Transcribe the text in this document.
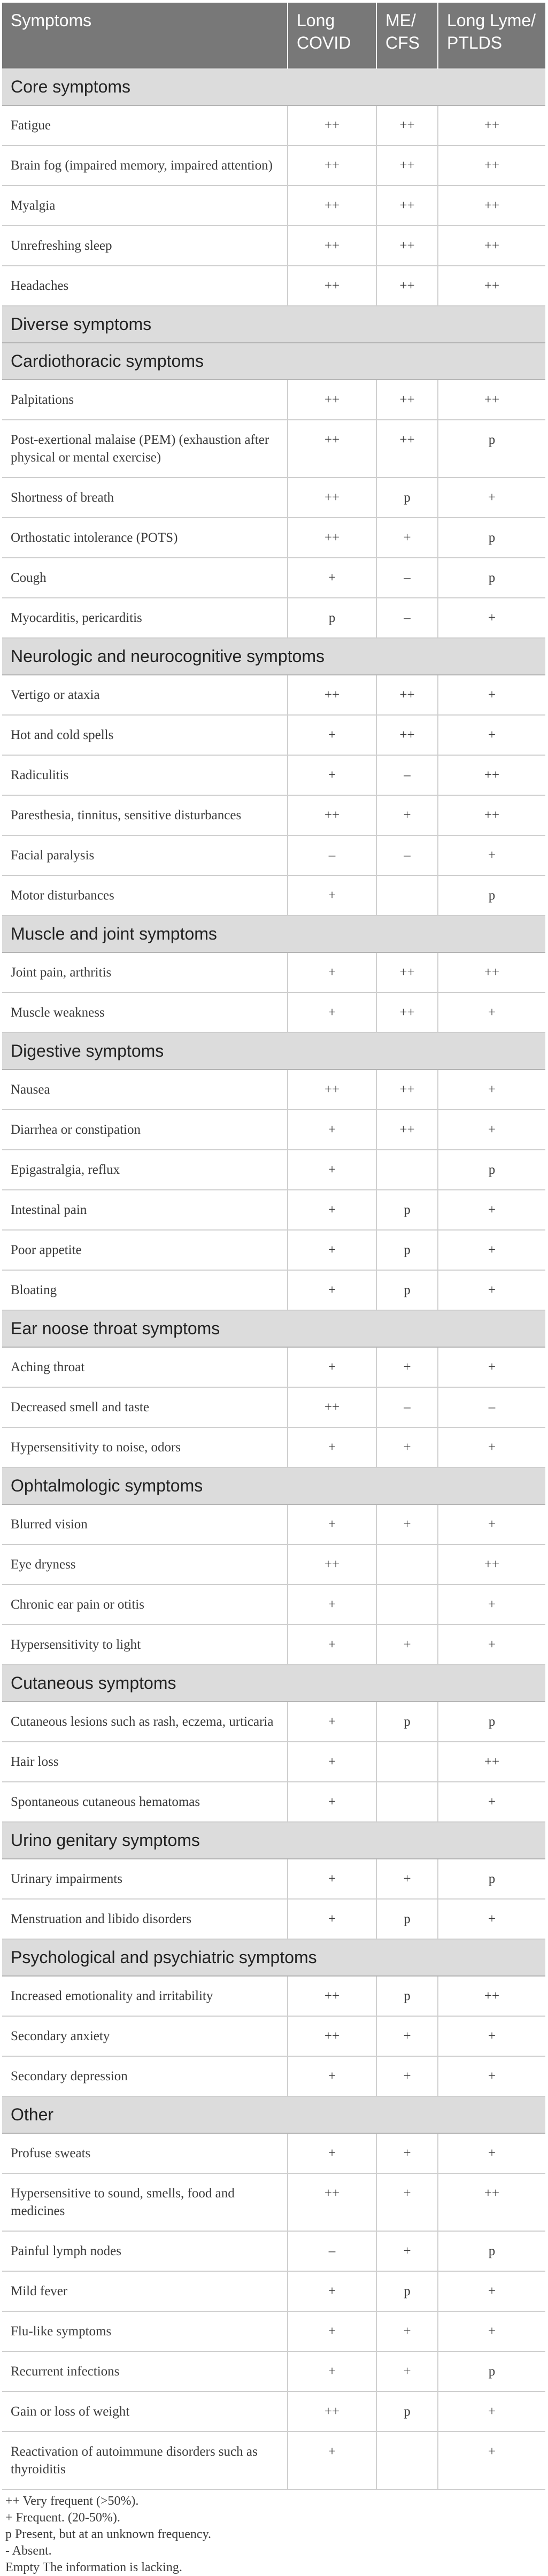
Symptoms	Long COVID	ME/ CFS	Long Lyme/ PTLDS
Core symptoms			
Fatigue	++	++	++
Brain fog (impaired memory, impaired attention)	++	++	++
Myalgia	++	++	++
Unrefreshing sleep	++	++	++
Headaches	++	++	++
Diverse symptoms			
Cardiothoracic symptoms			
Palpitations	++	++	++
Post-exertional malaise (PEM) (exhaustion after physical or mental exercise)	++	++	p
Shortness of breath	++	p	+
Orthostatic intolerance (POTS)	++	+	p
Cough	+	–	p
Myocarditis, pericarditis	p	–	+
Neurologic and neurocognitive symptoms			
Vertigo or ataxia	++	++	+
Hot and cold spells	+	++	+
Radiculitis	+	–	++
Paresthesia, tinnitus, sensitive disturbances	++	+	++
Facial paralysis	–	–	+
Motor disturbances	+		p
Muscle and joint symptoms			
Joint pain, arthritis	+	++	++
Muscle weakness	+	++	+
Digestive symptoms			
Nausea	++	++	+
Diarrhea or constipation	+	++	+
Epigastralgia, reflux	+		p
Intestinal pain	+	p	+
Poor appetite	+	p	+
Bloating	+	p	+
Ear noose throat symptoms			
Aching throat	+	+	+
Decreased smell and taste	++	–	–
Hypersensitivity to noise, odors	+	+	+
Ophtalmologic symptoms			
Blurred vision	+	+	+
Eye dryness	++		++
Chronic ear pain or otitis	+		+
Hypersensitivity to light	+	+	+
Cutaneous symptoms			
Cutaneous lesions such as rash, eczema, urticaria	+	p	p
Hair loss	+		++
Spontaneous cutaneous hematomas	+		+
Urino genitary symptoms			
Urinary impairments	+	+	p
Menstruation and libido disorders	+	p	+
Psychological and psychiatric symptoms			
Increased emotionality and irritability	++	p	++
Secondary anxiety	++	+	+
Secondary depression	+	+	+
Other			
Profuse sweats	+	+	+
Hypersensitive to sound, smells, food and medicines	++	+	++
Painful lymph nodes	–	+	p
Mild fever	+	p	+
Flu-like symptoms	+	+	+
Recurrent infections	+	+	p
Gain or loss of weight	++	p	+
Reactivation of autoimmune disorders such as thyroiditis	+		+
++ Very frequent (>50%).
+ Frequent. (20-50%).
p Present, but at an unknown frequency.
- Absent.
Empty The information is lacking.
